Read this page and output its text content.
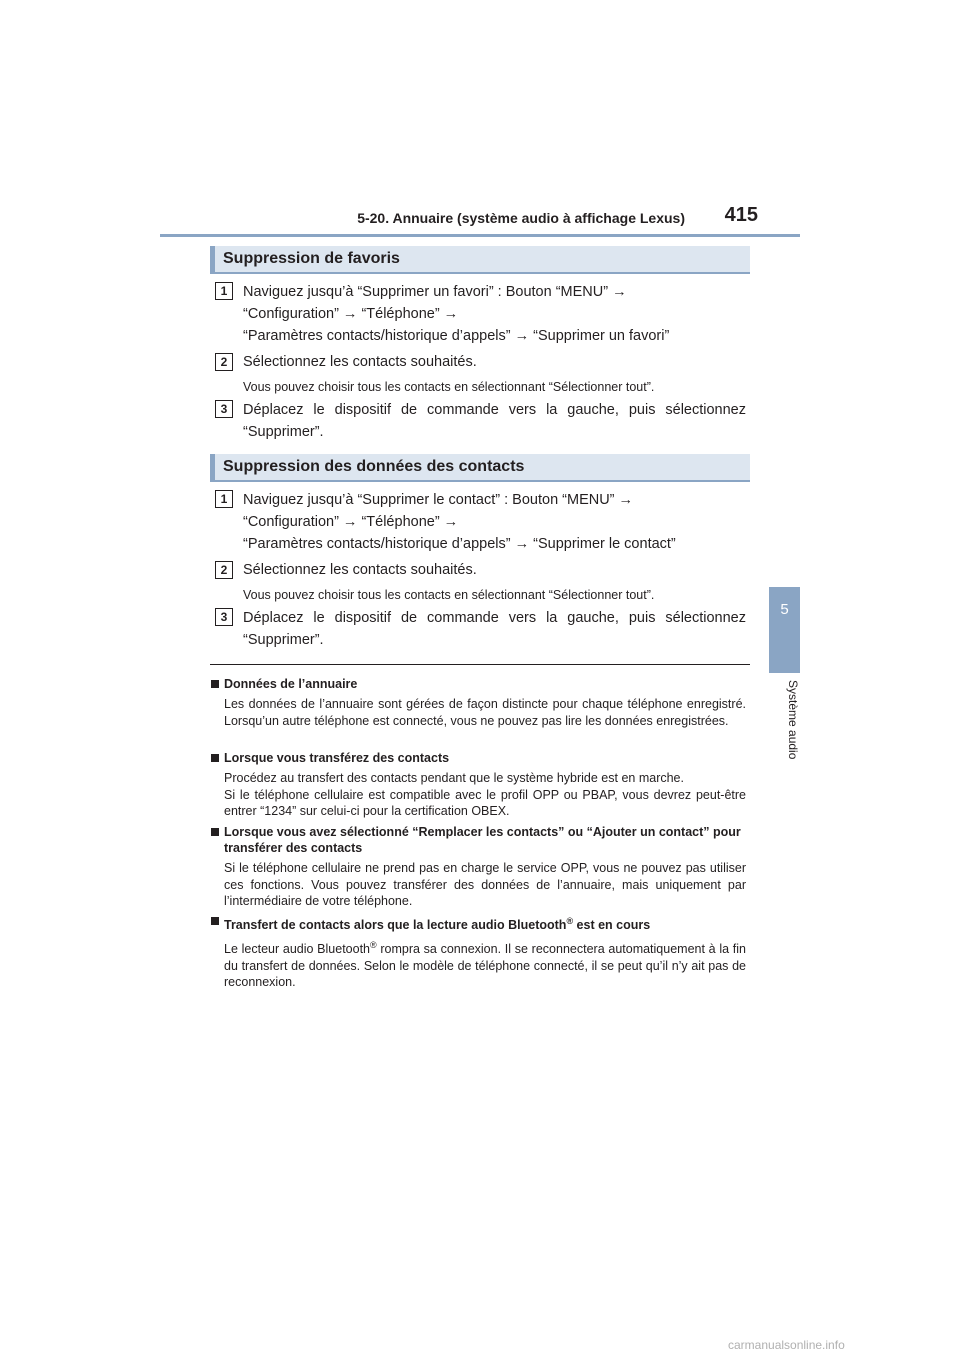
5-20. Annuaire (système audio à affichage Lexus) 415
5
Système audio
Suppression de favoris
1	Naviguez jusqu’à “Supprimer un favori” : Bouton “MENU” →
“Configuration” → “Téléphone” →
“Paramètres contacts/historique d’appels” → “Supprimer un favori”
2	Sélectionnez les contacts souhaités.
Vous pouvez choisir tous les contacts en sélectionnant “Sélectionner tout”.
3	Déplacez le dispositif de commande vers la gauche, puis sélectionnez “Supprimer”.
Suppression des données des contacts
1	Naviguez jusqu’à “Supprimer le contact” : Bouton “MENU” →
“Configuration” → “Téléphone” →
“Paramètres contacts/historique d’appels” → “Supprimer le contact”
2	Sélectionnez les contacts souhaités.
Vous pouvez choisir tous les contacts en sélectionnant “Sélectionner tout”.
3	Déplacez le dispositif de commande vers la gauche, puis sélectionnez “Supprimer”.
Données de l’annuaire
Les données de l’annuaire sont gérées de façon distincte pour chaque téléphone enregistré. Lorsqu’un autre téléphone est connecté, vous ne pouvez pas lire les données enregistrées.
Lorsque vous transférez des contacts
Procédez au transfert des contacts pendant que le système hybride est en marche.
Si le téléphone cellulaire est compatible avec le profil OPP ou PBAP, vous devrez peut-être entrer “1234” sur celui-ci pour la certification OBEX.
Lorsque vous avez sélectionné “Remplacer les contacts” ou “Ajouter un contact” pour transférer des contacts
Si le téléphone cellulaire ne prend pas en charge le service OPP, vous ne pouvez pas utiliser ces fonctions. Vous pouvez transférer des données de l’annuaire, mais uniquement par l’intermédiaire de votre téléphone.
Transfert de contacts alors que la lecture audio Bluetooth® est en cours
Le lecteur audio Bluetooth® rompra sa connexion. Il se reconnectera automatiquement à la fin du transfert de données. Selon le modèle de téléphone connecté, il se peut qu’il n’y ait pas de reconnexion.
carmanualsonline.info
